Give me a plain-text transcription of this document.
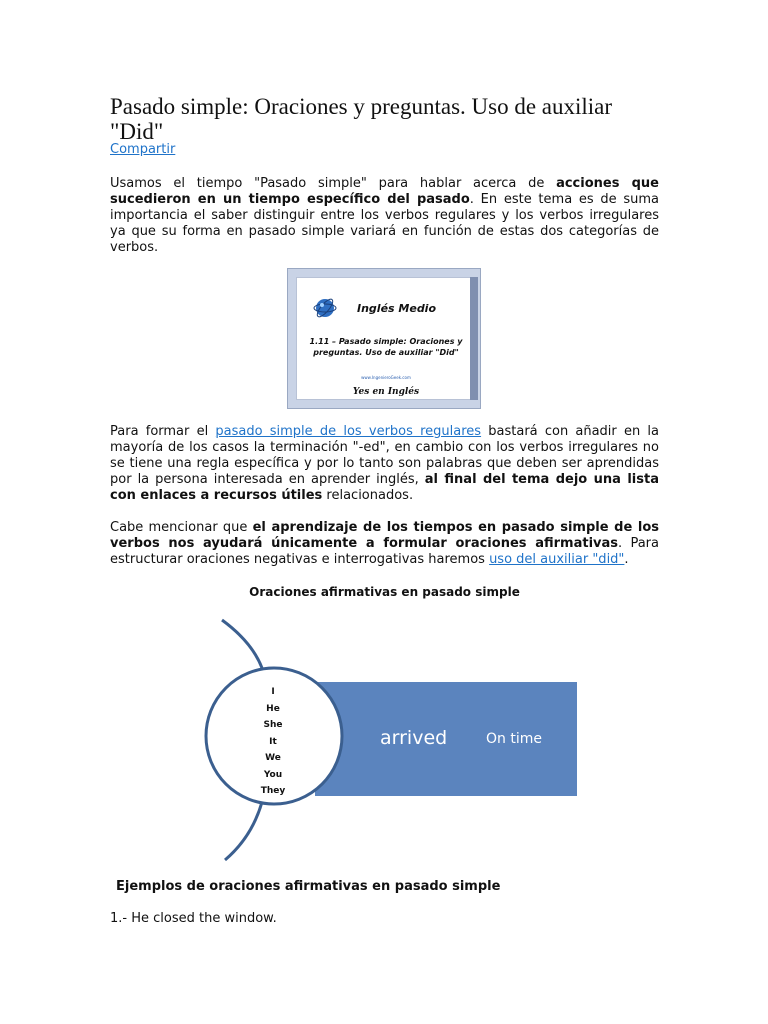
Pasado simple: Oraciones y preguntas. Uso de auxiliar "Did"
Compartir

Usamos el tiempo "Pasado simple" para hablar acerca de acciones que sucedieron en un tiempo específico del pasado. En este tema es de suma importancia el saber distinguir entre los verbos regulares y los verbos irregulares ya que su forma en pasado simple variará en función de estas dos categorías de verbos.

Inglés Medio
1.11 – Pasado simple: Oraciones y preguntas. Uso de auxiliar "Did"
www.IngenieroGeek.com
Yes en Inglés

Para formar el pasado simple de los verbos regulares bastará con añadir en la mayoría de los casos la terminación "-ed", en cambio con los verbos irregulares no se tiene una regla específica y por lo tanto son palabras que deben ser aprendidas por la persona interesada en aprender inglés, al final del tema dejo una lista con enlaces a recursos útiles relacionados.

Cabe mencionar que el aprendizaje de los tiempos en pasado simple de los verbos nos ayudará únicamente a formular oraciones afirmativas. Para estructurar oraciones negativas e interrogativas haremos uso del auxiliar "did".

Oraciones afirmativas en pasado simple
I
He
She
It
We
You
They
arrived	On time
Ejemplos de oraciones afirmativas en pasado simple
1.- He closed the window.
